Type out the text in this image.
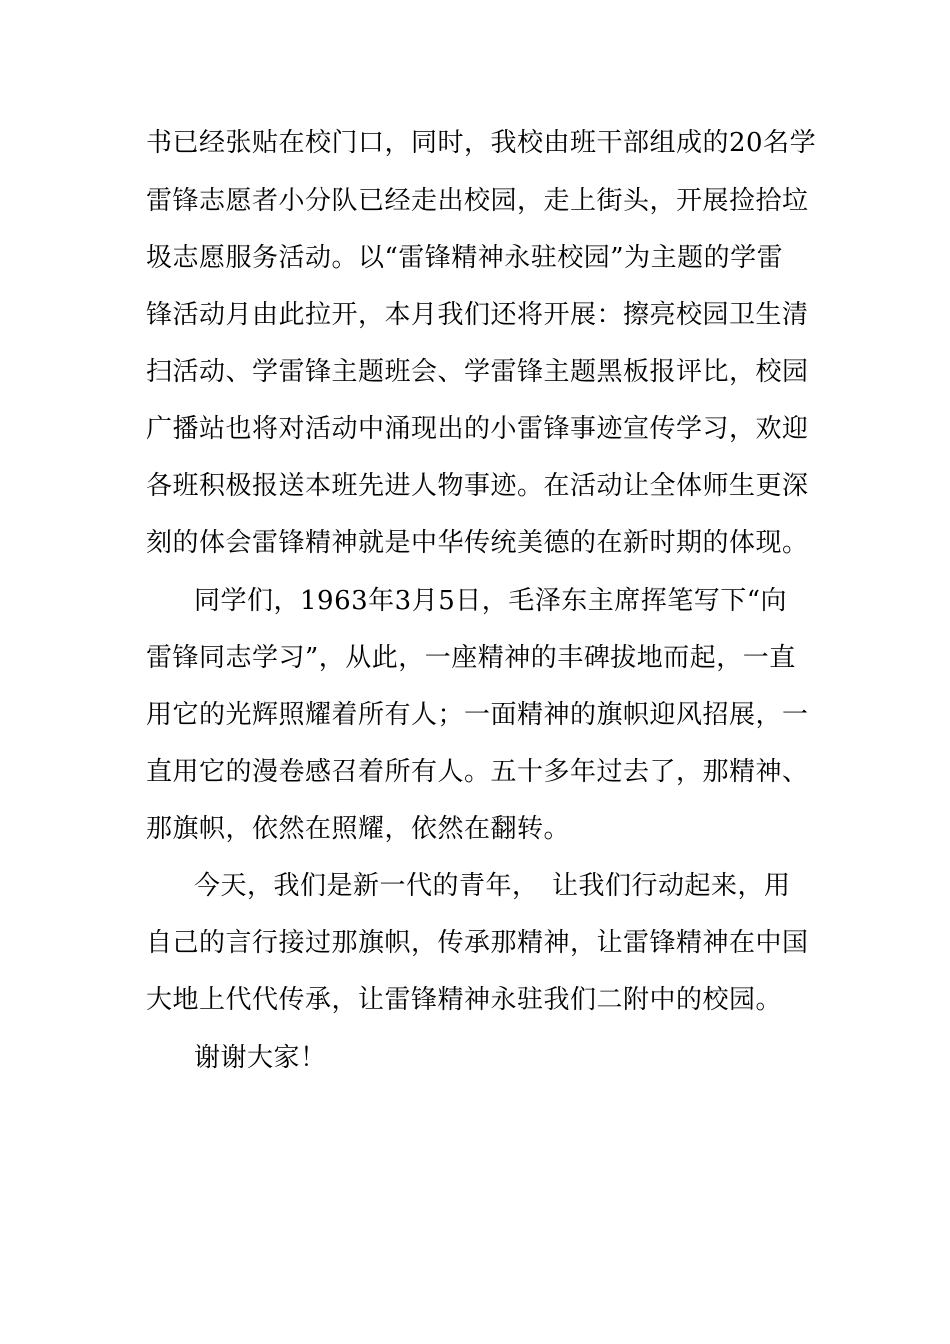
书已经张贴在校门口，同时，我校由班干部组成的20名学
雷锋志愿者小分队已经走出校园，走上街头，开展捡拾垃
圾志愿服务活动。以“雷锋精神永驻校园”为主题的学雷
锋活动月由此拉开，本月我们还将开展：擦亮校园卫生清
扫活动、学雷锋主题班会、学雷锋主题黑板报评比，校园
广播站也将对活动中涌现出的小雷锋事迹宣传学习，欢迎
各班积极报送本班先进人物事迹。在活动让全体师生更深
刻的体会雷锋精神就是中华传统美德的在新时期的体现。
同学们，1963年3月5日，毛泽东主席挥笔写下“向
雷锋同志学习”，从此，一座精神的丰碑拔地而起，一直
用它的光辉照耀着所有人；一面精神的旗帜迎风招展，一
直用它的漫卷感召着所有人。五十多年过去了，那精神、
那旗帜，依然在照耀，依然在翻转。
今天，我们是新一代的青年，　让我们行动起来，用
自己的言行接过那旗帜，传承那精神，让雷锋精神在中国
大地上代代传承，让雷锋精神永驻我们二附中的校园。
谢谢大家！
